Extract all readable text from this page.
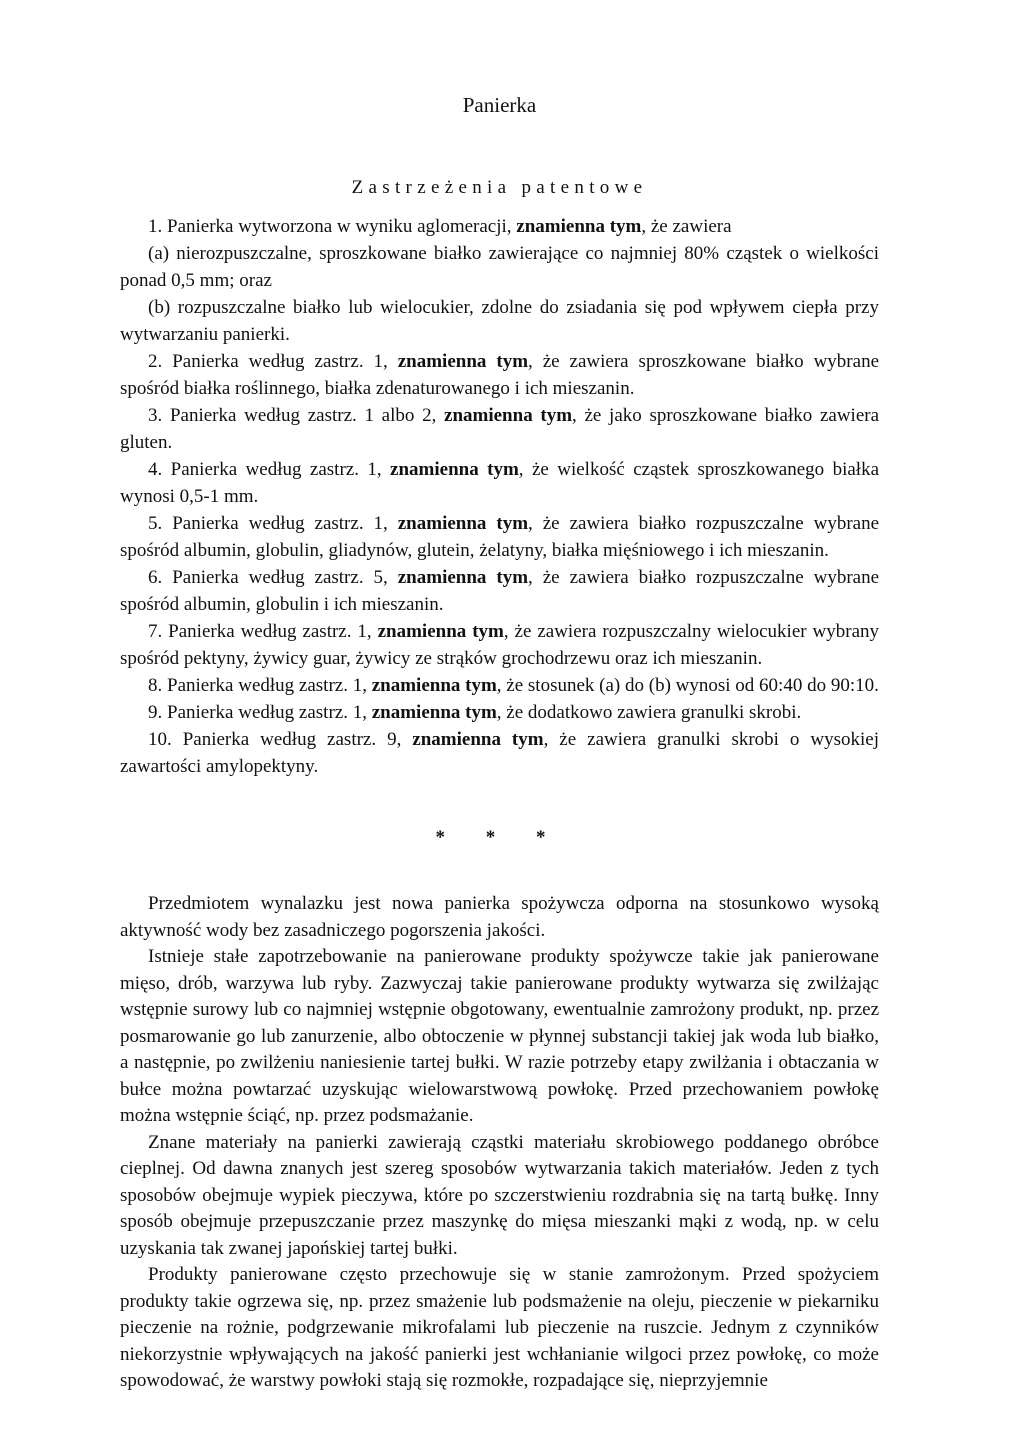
Panierka
Zastrzeżenia patentowe

1. Panierka wytworzona w wyniku aglomeracji, znamienna tym, że zawiera

(a) nierozpuszczalne, sproszkowane białko zawierające co najmniej 80% cząstek o wielkości ponad 0,5 mm; oraz

(b) rozpuszczalne białko lub wielocukier, zdolne do zsiadania się pod wpływem ciepła przy wytwarzaniu panierki.

2. Panierka według zastrz. 1, znamienna tym, że zawiera sproszkowane białko wybrane spośród białka roślinnego, białka zdenaturowanego i ich mieszanin.

3. Panierka według zastrz. 1 albo 2, znamienna tym, że jako sproszkowane białko zawiera gluten.

4. Panierka według zastrz. 1, znamienna tym, że wielkość cząstek sproszkowanego białka wynosi 0,5-1 mm.

5. Panierka według zastrz. 1, znamienna tym, że zawiera białko rozpuszczalne wybrane spośród albumin, globulin, gliadynów, glutein, żelatyny, białka mięśniowego i ich mieszanin.

6. Panierka według zastrz. 5, znamienna tym, że zawiera białko rozpuszczalne wybrane spośród albumin, globulin i ich mieszanin.

7. Panierka według zastrz. 1, znamienna tym, że zawiera rozpuszczalny wielocukier wybrany spośród pektyny, żywicy guar, żywicy ze strąków grochodrzewu oraz ich mieszanin.

8. Panierka według zastrz. 1, znamienna tym, że stosunek (a) do (b) wynosi od 60:40 do 90:10.

9. Panierka według zastrz. 1, znamienna tym, że dodatkowo zawiera granulki skrobi.

10. Panierka według zastrz. 9, znamienna tym, że zawiera granulki skrobi o wysokiej zawartości amylopektyny.

* * *

Przedmiotem wynalazku jest nowa panierka spożywcza odporna na stosunkowo wysoką aktywność wody bez zasadniczego pogorszenia jakości.

Istnieje stałe zapotrzebowanie na panierowane produkty spożywcze takie jak panierowane mięso, drób, warzywa lub ryby. Zazwyczaj takie panierowane produkty wytwarza się zwilżając wstępnie surowy lub co najmniej wstępnie obgotowany, ewentualnie zamrożony produkt, np. przez posmarowanie go lub zanurzenie, albo obtoczenie w płynnej substancji takiej jak woda lub białko, a następnie, po zwilżeniu naniesienie tartej bułki. W razie potrzeby etapy zwilżania i obtaczania w bułce można powtarzać uzyskując wielowarstwową powłokę. Przed przechowaniem powłokę można wstępnie ściąć, np. przez podsmażanie.

Znane materiały na panierki zawierają cząstki materiału skrobiowego poddanego obróbce cieplnej. Od dawna znanych jest szereg sposobów wytwarzania takich materiałów. Jeden z tych sposobów obejmuje wypiek pieczywa, które po szczerstwieniu rozdrabnia się na tartą bułkę. Inny sposób obejmuje przepuszczanie przez maszynkę do mięsa mieszanki mąki z wodą, np. w celu uzyskania tak zwanej japońskiej tartej bułki.

Produkty panierowane często przechowuje się w stanie zamrożonym. Przed spożyciem produkty takie ogrzewa się, np. przez smażenie lub podsmażenie na oleju, pieczenie w piekarniku pieczenie na rożnie, podgrzewanie mikrofalami lub pieczenie na ruszcie. Jednym z czynników niekorzystnie wpływających na jakość panierki jest wchłanianie wilgoci przez powłokę, co może spowodować, że warstwy powłoki stają się rozmokłe, rozpadające się, nieprzyjemnie
